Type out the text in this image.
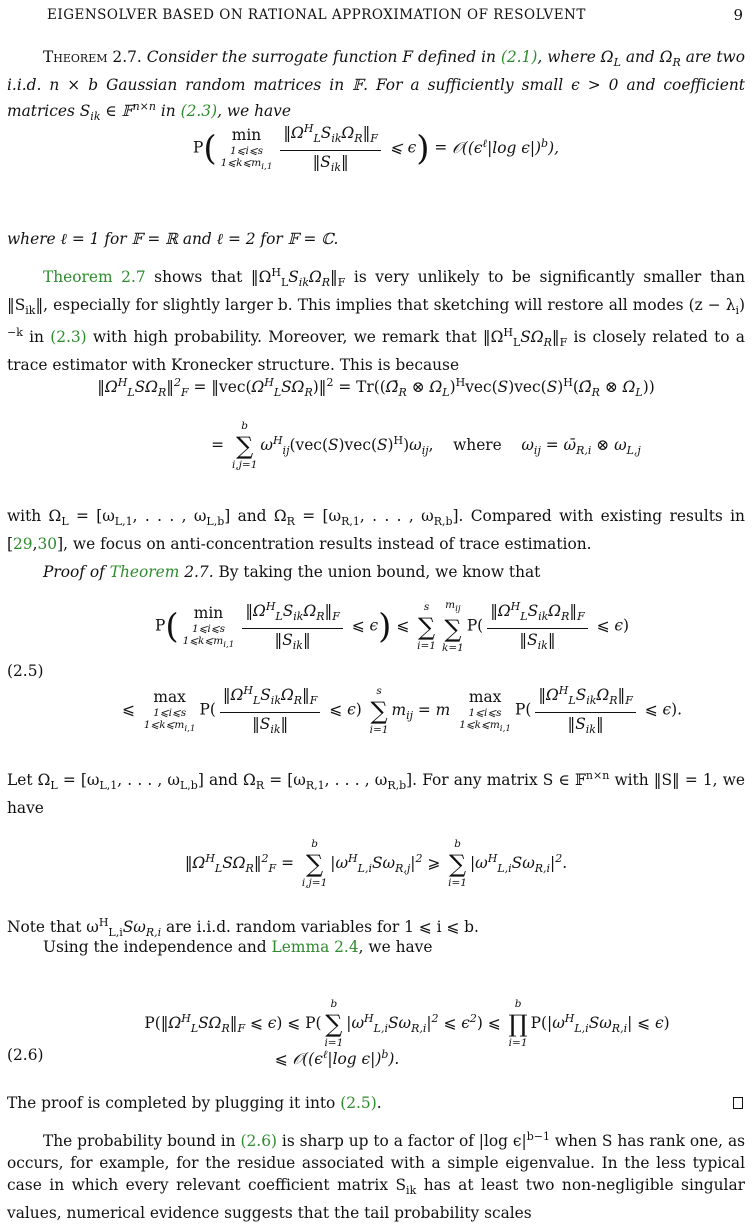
EIGENSOLVER BASED ON RATIONAL APPROXIMATION OF RESOLVENT	9

Theorem 2.7. Consider the surrogate function F defined in (2.1), where $\Omega_L$ and $\Omega_R$ are two i.i.d. n × b Gaussian random matrices in 𝔽. For a sufficiently small ϵ > 0 and coefficient matrices $S_{ik}$ ∈ 𝔽$^{n\times n}$ in (2.3), we have

P( min
1⩽i⩽s
$1⩽k⩽m_{i,1} \frac{‖\Omega^H_LS_{ik}\Omega_R‖_F}{‖S_{ik}‖}$ ⩽ $\epsilon) = 𝒪((\epsilon^\ell|\log$ ϵ|)$^b$),

where ℓ = 1 for 𝔽 = ℝ and ℓ = 2 for 𝔽 = ℂ.

Theorem 2.7 shows that $‖\Omega^H_LS_{ik}\Omega_R‖_F$ is very unlikely to be significantly smaller than $‖S_{ik}‖$, especially for slightly larger b. This implies that sketching will restore all modes $(z - \lambda_i)^{-k}$ in (2.3) with high probability. Moreover, we remark that $‖\Omega^H_LS\Omega_R‖_F$ is closely related to a trace estimator with Kronecker structure. This is because

$‖\Omega^H_LS\Omega_R‖^2_F$ = $‖vec(\Omega^H_LS\Omega_R)‖^2$ = $Tr((\Omegā_R$ ⊗ $\Omega_L)^Hvec(S)vec(S)^H(\Omegā_R$ ⊗ $\Omega_L$))
=
b
∑
i,j=1
$\omega^H_{ij}(vec(S)vec(S)^H)\omega_{ij}$,    where $\omega_{ij}$ = $\omegā_{R,i}$ ⊗ $\omega_{L,j}$

with $\Omega_L = [\omega_{L,1}$, . . . , $\omega_{L,b}$] and $\Omega_R = [\omega_{R,1}$, . . . , $\omega_{R,b}$]. Compared with existing results in [29,30], we focus on anti-concentration results instead of trace estimation.

Proof of Theorem 2.7. By taking the union bound, we know that

(2.5)
P( min
1⩽i⩽s
$1⩽k⩽m_{i,1} \frac{‖\Omega^H_LS_{ik}\Omega_R‖_F}{‖S_{ik}‖}$ ⩽ ϵ) ⩽
s
∑
i=1
$m_{ij}$
∑
k=1
$P( \frac{‖\Omega^H_LS_{ik}\Omega_R‖_F}{‖S_{ik}‖}$ ⩽ ϵ)
⩽
max
1⩽i⩽s
$1⩽k⩽m_{i,1}$
$P( \frac{‖\Omega^H_LS_{ik}\Omega_R‖_F}{‖S_{ik}‖}$ ⩽ ϵ)
s
∑
i=1
$m_{ij} = m$
max
1⩽i⩽s
$1⩽k⩽m_{i,1}$
$P( \frac{‖\Omega^H_LS_{ik}\Omega_R‖_F}{‖S_{ik}‖}$ ⩽ ϵ).

Let $\Omega_L = [\omega_{L,1}$, . . . , $\omega_{L,b}$] and $\Omega_R = [\omega_{R,1}$, . . . , $\omega_{R,b}$]. For any matrix S ∈ 𝔽$^{n\times n}$ with ‖S‖ = 1, we have

$‖\Omega^H_LS\Omega_R‖^2_F$ =
b
∑
i,j=1
$|\omega^H_{L,i}S\omega_{R,j}|^2$ ⩾
b
∑
i=1
$|\omega^H_{L,i}S\omega_{R,i}|^2$.

Note that $\omega^H_{L,i}S\omega_{R,i}$ are i.i.d. random variables for 1 ⩽ i ⩽ b.

Using the independence and Lemma 2.4, we have

(2.6)
$P(‖\Omega^H_LS\Omega_R‖_F$ ⩽ ϵ) ⩽ P(
b
∑
i=1
$|\omega^H_{L,i}S\omega_{R,i}|^2$ ⩽ $\epsilon^2$) ⩽
b
∏
i=1
$P(|\omega^H_{L,i}S\omega_{R,i}|$ ⩽ ϵ)
⩽ $𝒪((\epsilon^\ell|\log$ ϵ|)$^b$).

The proof is completed by plugging it into (2.5).

The probability bound in (2.6) is sharp up to a factor of |log $\epsilon|^{b-1}$ when S has rank one, as occurs, for example, for the residue associated with a simple eigenvalue. In the less typical case in which every relevant coefficient matrix $S_{ik}$ has at least two non-negligible singular values, numerical evidence suggests that the tail probability scales
